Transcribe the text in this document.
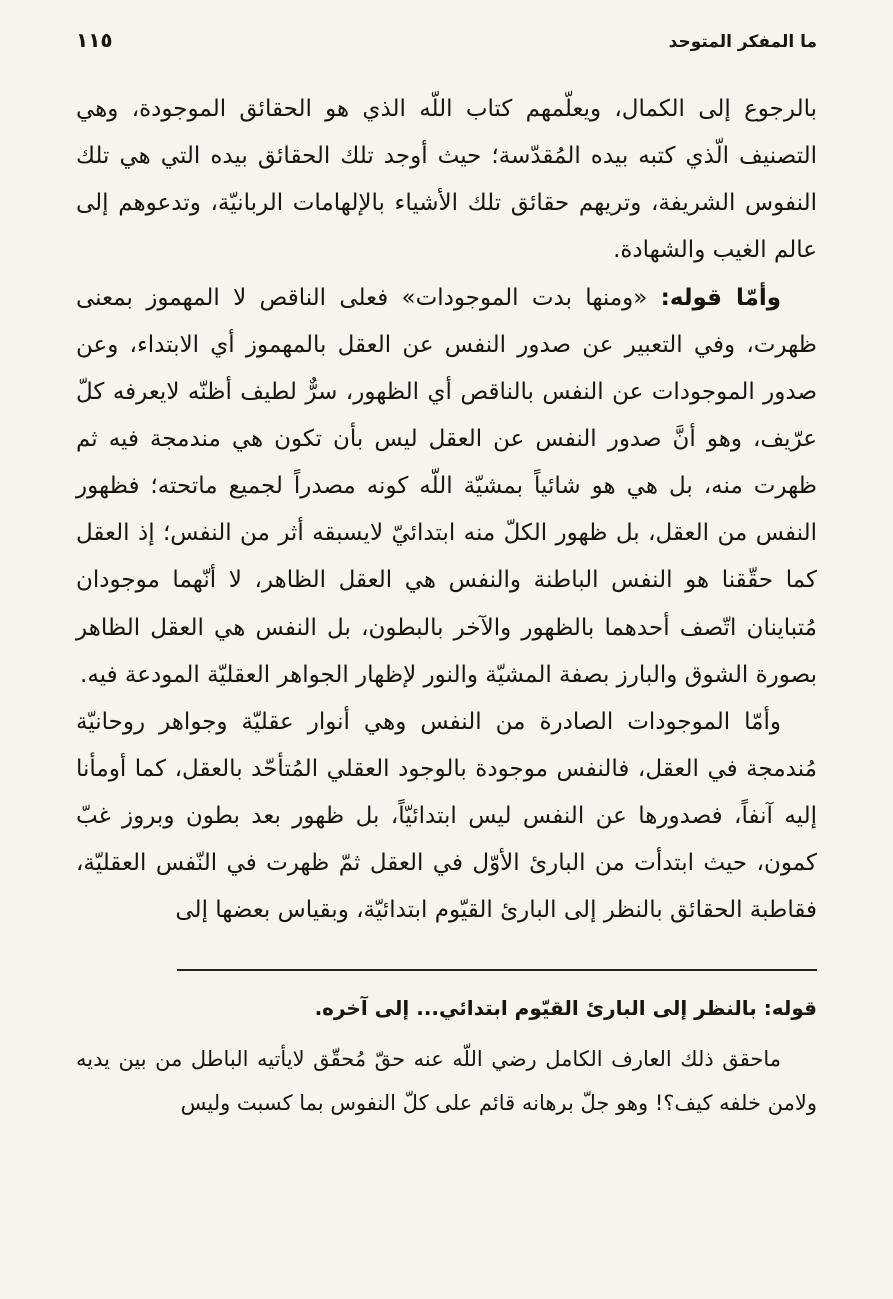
ما المفكر المتوحد
١١٥

بالرجوع إلى الكمال، ويعلّمهم كتاب اللّه الذي هو الحقائق الموجودة، وهي التصنيف الّذي كتبه بيده المُقدّسة؛ حيث أوجد تلك الحقائق بيده التي هي تلك النفوس الشريفة، وتريهم حقائق تلك الأشياء بالإلهامات الربانيّة، وتدعوهم إلى عالم الغيب والشهادة.

وأمّا قوله: «ومنها بدت الموجودات» فعلى الناقص لا المهموز بمعنى ظهرت، وفي التعبير عن صدور النفس عن العقل بالمهموز أي الابتداء، وعن صدور الموجودات عن النفس بالناقص أي الظهور، سرٌّ لطيف أظنّه لايعرفه كلّ عرّيف، وهو أنَّ صدور النفس عن العقل ليس بأن تكون هي مندمجة فيه ثم ظهرت منه، بل هي هو شائياً بمشيّة اللّه كونه مصدراً لجميع ماتحته؛ فظهور النفس من العقل، بل ظهور الكلّ منه ابتدائيّ لايسبقه أثر من النفس؛ إذ العقل كما حقّقنا هو النفس الباطنة والنفس هي العقل الظاهر، لا أنّهما موجودان مُتباينان اتّصف أحدهما بالظهور والآخر بالبطون، بل النفس هي العقل الظاهر بصورة الشوق والبارز بصفة المشيّة والنور لإظهار الجواهر العقليّة المودعة فيه.

وأمّا الموجودات الصادرة من النفس وهي أنوار عقليّة وجواهر روحانيّة مُندمجة في العقل، فالنفس موجودة بالوجود العقلي المُتأحّد بالعقل، كما أومأنا إليه آنفاً، فصدورها عن النفس ليس ابتدائيّاً، بل ظهور بعد بطون وبروز غبّ كمون، حيث ابتدأت من البارئ الأوّل في العقل ثمّ ظهرت في النّفس العقليّة، فقاطبة الحقائق بالنظر إلى البارئ القيّوم ابتدائيّة، وبقياس بعضها إلى

قوله: بالنظر إلى البارئ القيّوم ابتدائي... إلى آخره.

ماحقق ذلك العارف الكامل رضي اللّه عنه حقّ مُحقّق لايأتيه الباطل من بين يديه ولامن خلفه كيف؟! وهو جلّ برهانه قائم على كلّ النفوس بما كسبت وليس
